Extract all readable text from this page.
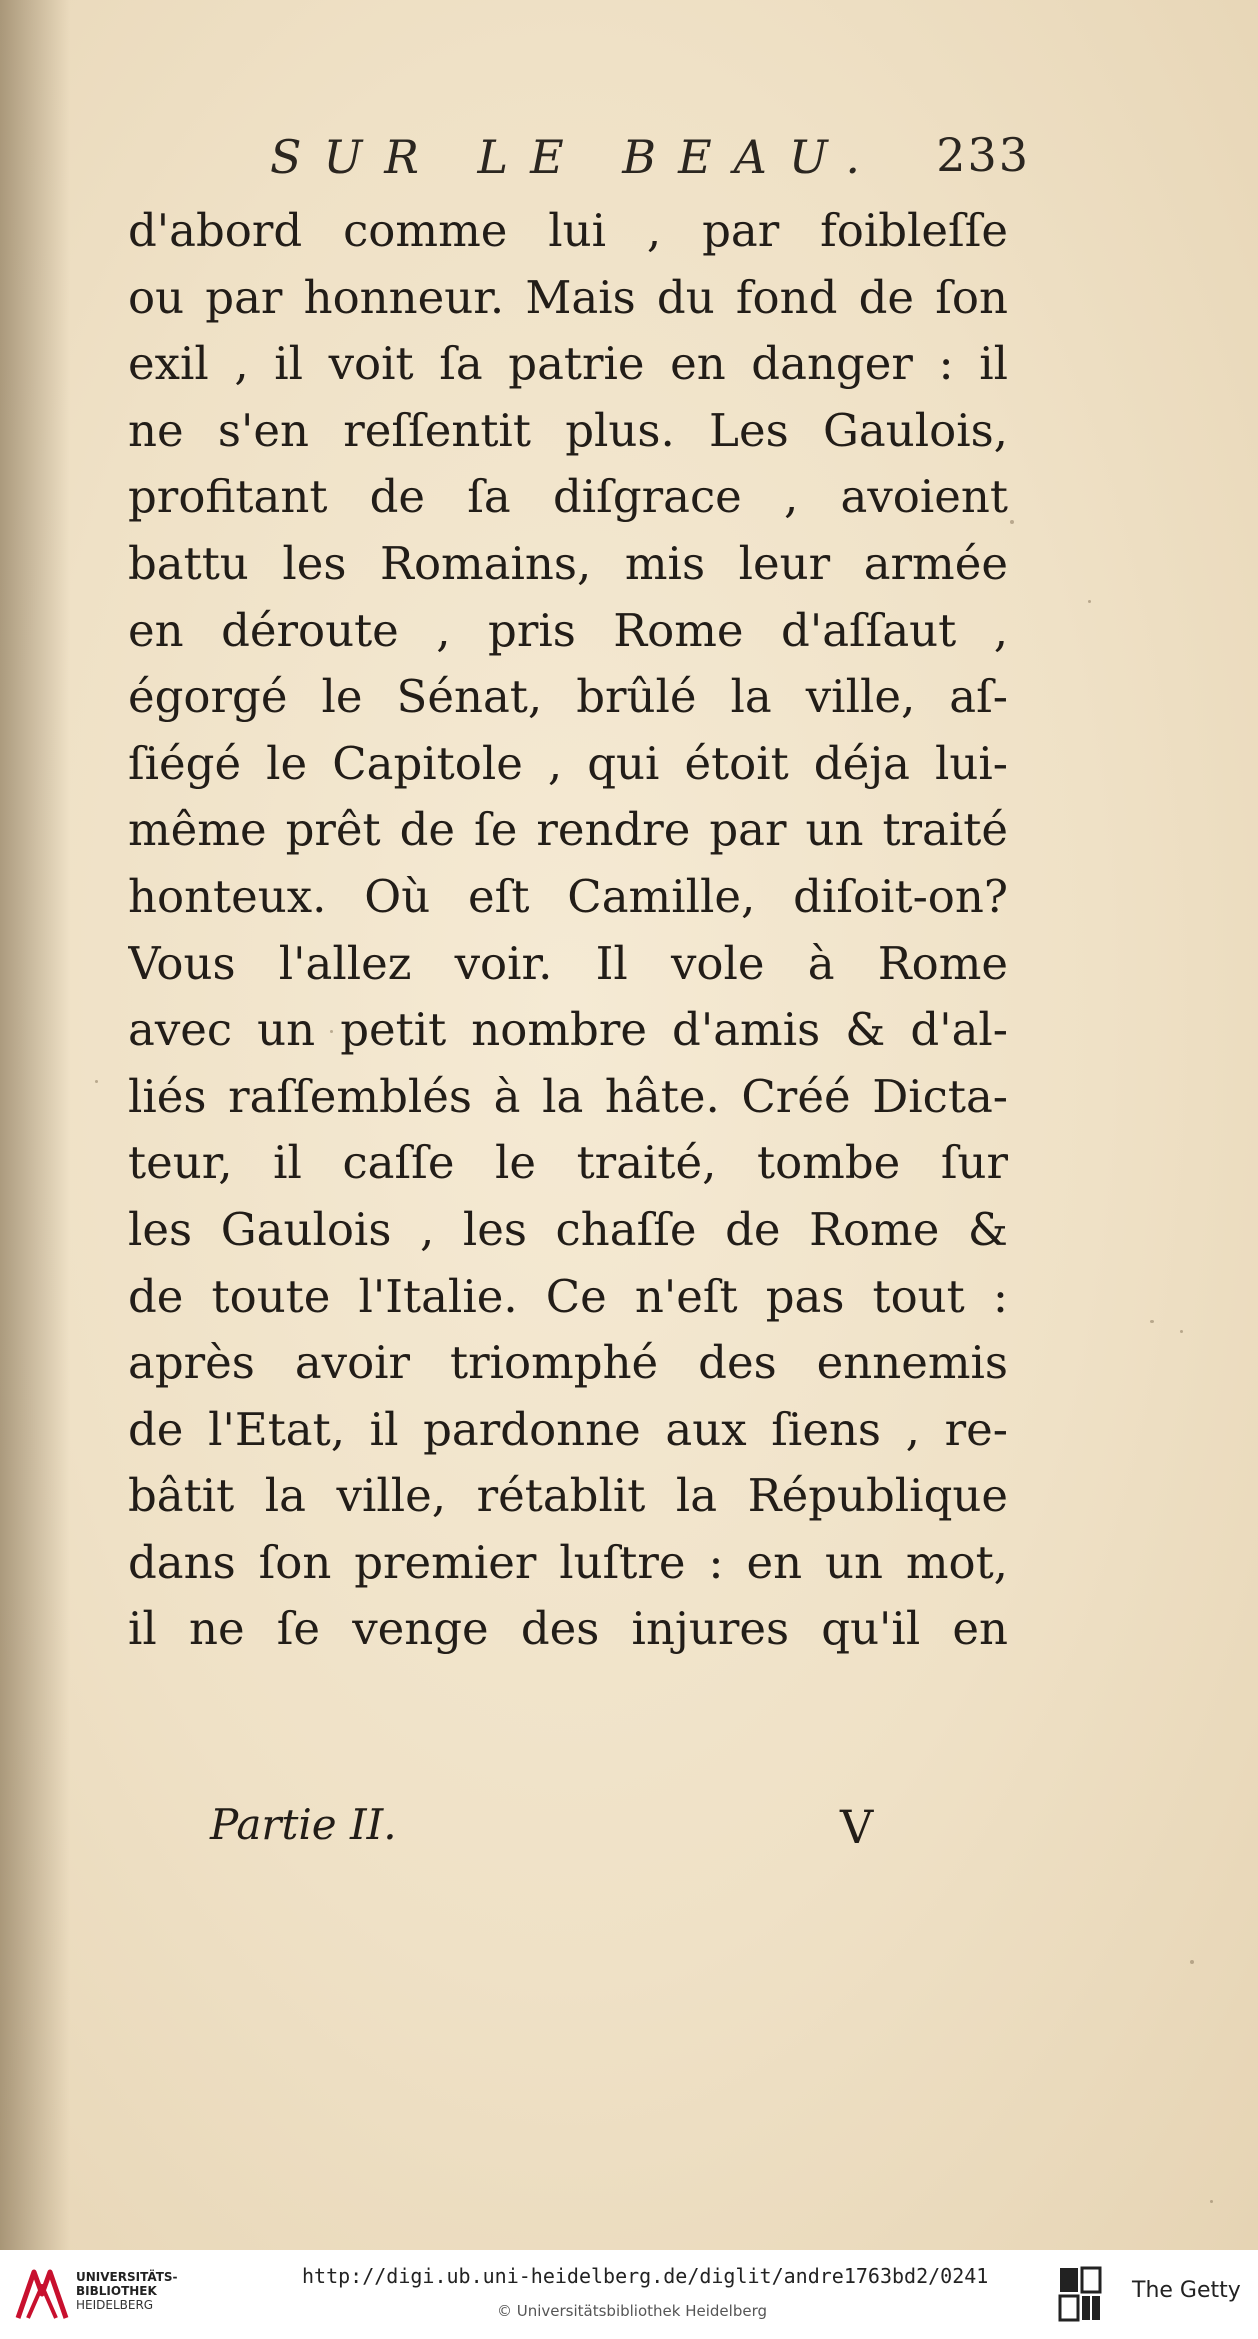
SUR LE BEAU. 233
d'abord comme lui , par foibleſſe
ou par honneur. Mais du fond de ſon
exil , il voit ſa patrie en danger : il
ne s'en reſſentit plus. Les Gaulois,
profitant de ſa diſgrace , avoient
battu les Romains, mis leur armée
en déroute , pris Rome d'aſſaut ,
égorgé le Sénat, brûlé la ville, aſ-
ſiégé le Capitole , qui étoit déja lui-
même prêt de ſe rendre par un traité
honteux. Où eſt Camille, diſoit-on?
Vous l'allez voir. Il vole à Rome
avec un petit nombre d'amis & d'al-
liés raſſemblés à la hâte. Créé Dicta-
teur, il caſſe le traité, tombe ſur
les Gaulois , les chaſſe de Rome &
de toute l'Italie. Ce n'eſt pas tout :
après avoir triomphé des ennemis
de l'Etat, il pardonne aux ſiens , re-
bâtit la ville, rétablit la République
dans ſon premier luſtre : en un mot,
il ne ſe venge des injures qu'il en
Partie II.	V
UNIVERSITÄTS-
BIBLIOTHEK
HEIDELBERG
http://digi.ub.uni-heidelberg.de/diglit/andre1763bd2/0241
© Universitätsbibliothek Heidelberg
The Getty
